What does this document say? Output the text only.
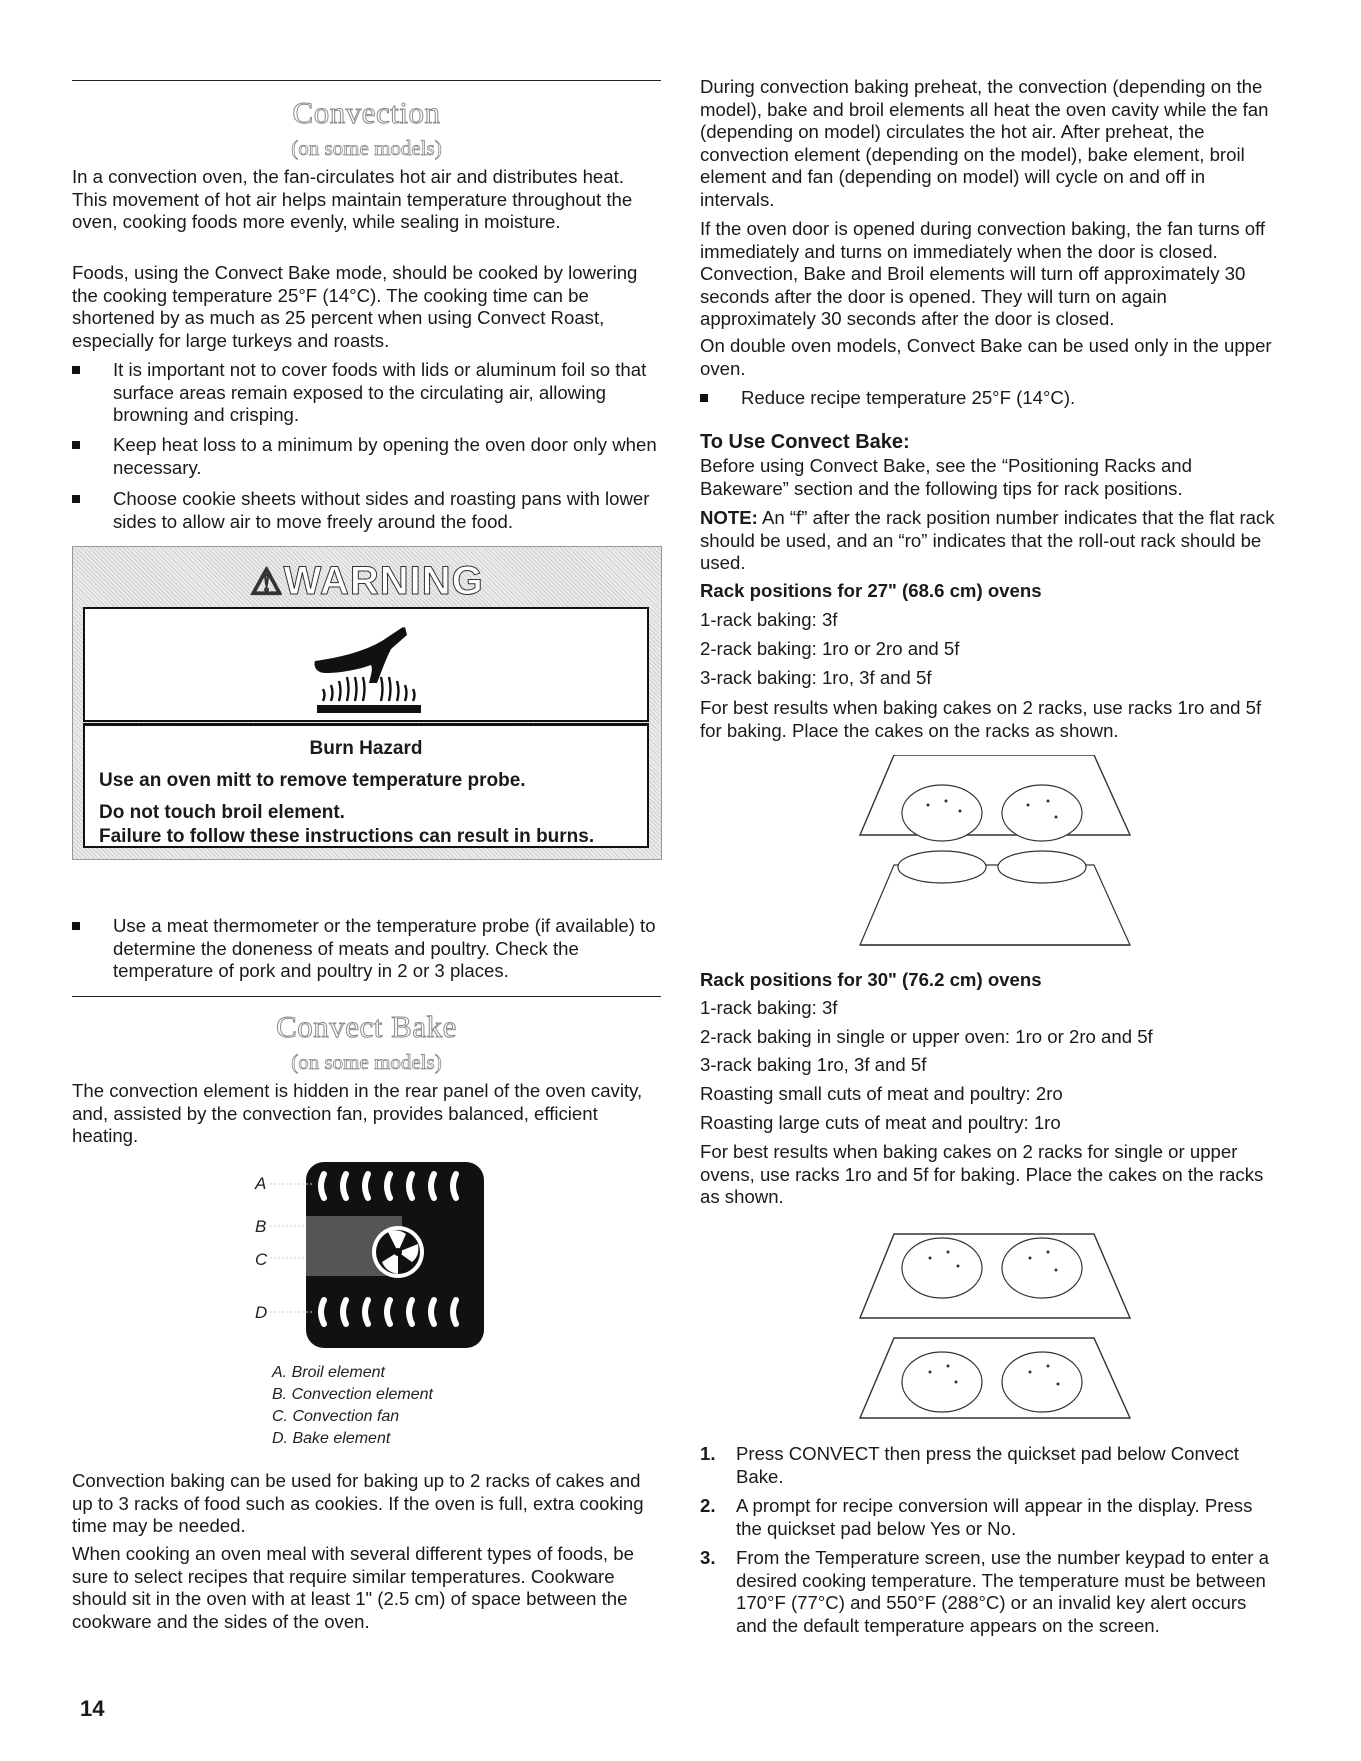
Convection
(on some models)

In a convection oven, the fan-circulates hot air and distributes heat. This movement of hot air helps maintain temperature throughout the oven, cooking foods more evenly, while sealing in moisture.

Foods, using the Convect Bake mode, should be cooked by lowering the cooking temperature 25°F (14°C). The cooking time can be shortened by as much as 25 percent when using Convect Roast, especially for large turkeys and roasts.

It is important not to cover foods with lids or aluminum foil so that surface areas remain exposed to the circulating air, allowing browning and crisping.

Keep heat loss to a minimum by opening the oven door only when necessary.

Choose cookie sheets without sides and roasting pans with lower sides to allow air to move freely around the food.

⚠WARNING
Burn Hazard
Use an oven mitt to remove temperature probe.
Do not touch broil element.
Failure to follow these instructions can result in burns.

Use a meat thermometer or the temperature probe (if available) to determine the doneness of meats and poultry. Check the temperature of pork and poultry in 2 or 3 places.

Convect Bake
(on some models)

The convection element is hidden in the rear panel of the oven cavity, and, assisted by the convection fan, provides balanced, efficient heating.

A
B
C
D
A. Broil element
B. Convection element
C. Convection fan
D. Bake element

Convection baking can be used for baking up to 2 racks of cakes and up to 3 racks of food such as cookies. If the oven is full, extra cooking time may be needed.

When cooking an oven meal with several different types of foods, be sure to select recipes that require similar temperatures. Cookware should sit in the oven with at least 1" (2.5 cm) of space between the cookware and the sides of the oven.

14

During convection baking preheat, the convection (depending on the model), bake and broil elements all heat the oven cavity while the fan (depending on model) circulates the hot air. After preheat, the convection element (depending on the model), bake element, broil element and fan (depending on model) will cycle on and off in intervals.

If the oven door is opened during convection baking, the fan turns off immediately and turns on immediately when the door is closed. Convection, Bake and Broil elements will turn off approximately 30 seconds after the door is opened. They will turn on again approximately 30 seconds after the door is closed.

On double oven models, Convect Bake can be used only in the upper oven.

Reduce recipe temperature 25°F (14°C).

To Use Convect Bake:

Before using Convect Bake, see the “Positioning Racks and Bakeware” section and the following tips for rack positions.

NOTE: An “f” after the rack position number indicates that the flat rack should be used, and an “ro” indicates that the roll-out rack should be used.

Rack positions for 27" (68.6 cm) ovens

1-rack baking: 3f

2-rack baking: 1ro or 2ro and 5f

3-rack baking: 1ro, 3f and 5f

For best results when baking cakes on 2 racks, use racks 1ro and 5f for baking. Place the cakes on the racks as shown.

Rack positions for 30" (76.2 cm) ovens

1-rack baking: 3f

2-rack baking in single or upper oven: 1ro or 2ro and 5f

3-rack baking 1ro, 3f and 5f

Roasting small cuts of meat and poultry: 2ro

Roasting large cuts of meat and poultry: 1ro

For best results when baking cakes on 2 racks for single or upper ovens, use racks 1ro and 5f for baking. Place the cakes on the racks as shown.

1. Press CONVECT then press the quickset pad below Convect Bake.

2. A prompt for recipe conversion will appear in the display. Press the quickset pad below Yes or No.

3. From the Temperature screen, use the number keypad to enter a desired cooking temperature. The temperature must be between 170°F (77°C) and 550°F (288°C) or an invalid key alert occurs and the default temperature appears on the screen.
